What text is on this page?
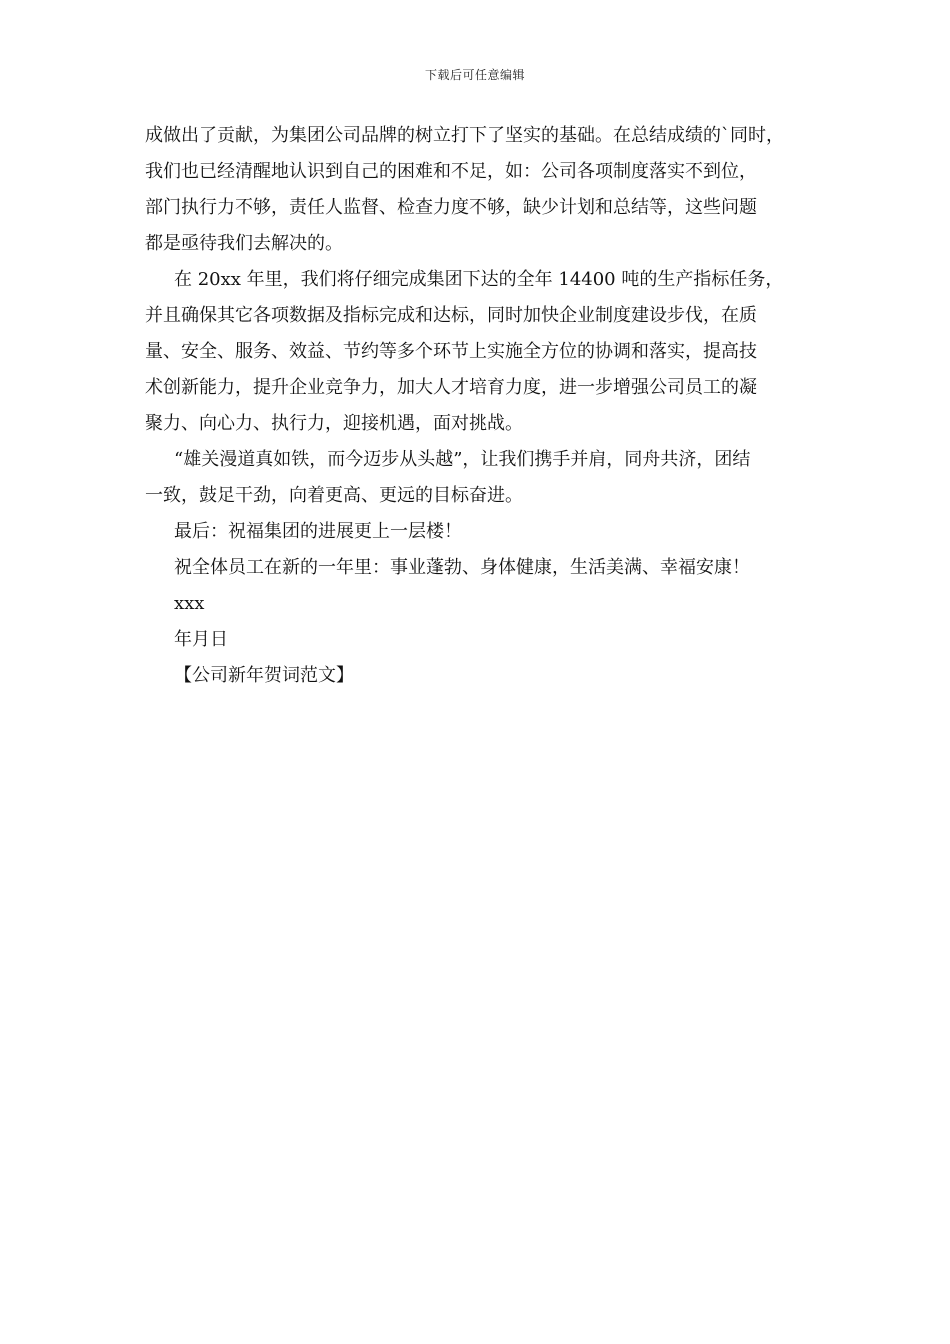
下载后可任意编辑
成做出了贡献，为集团公司品牌的树立打下了坚实的基础。在总结成绩的`同时，
我们也已经清醒地认识到自己的困难和不足，如：公司各项制度落实不到位，
部门执行力不够，责任人监督、检查力度不够，缺少计划和总结等，这些问题
都是亟待我们去解决的。
在 20xx 年里，我们将仔细完成集团下达的全年 14400 吨的生产指标任务，
并且确保其它各项数据及指标完成和达标，同时加快企业制度建设步伐，在质
量、安全、服务、效益、节约等多个环节上实施全方位的协调和落实，提高技
术创新能力，提升企业竞争力，加大人才培育力度，进一步增强公司员工的凝
聚力、向心力、执行力，迎接机遇，面对挑战。
“雄关漫道真如铁，而今迈步从头越”，让我们携手并肩，同舟共济，团结
一致，鼓足干劲，向着更高、更远的目标奋进。
最后：祝福集团的进展更上一层楼！
祝全体员工在新的一年里：事业蓬勃、身体健康，生活美满、幸福安康！
xxx
年月日
【公司新年贺词范文】
